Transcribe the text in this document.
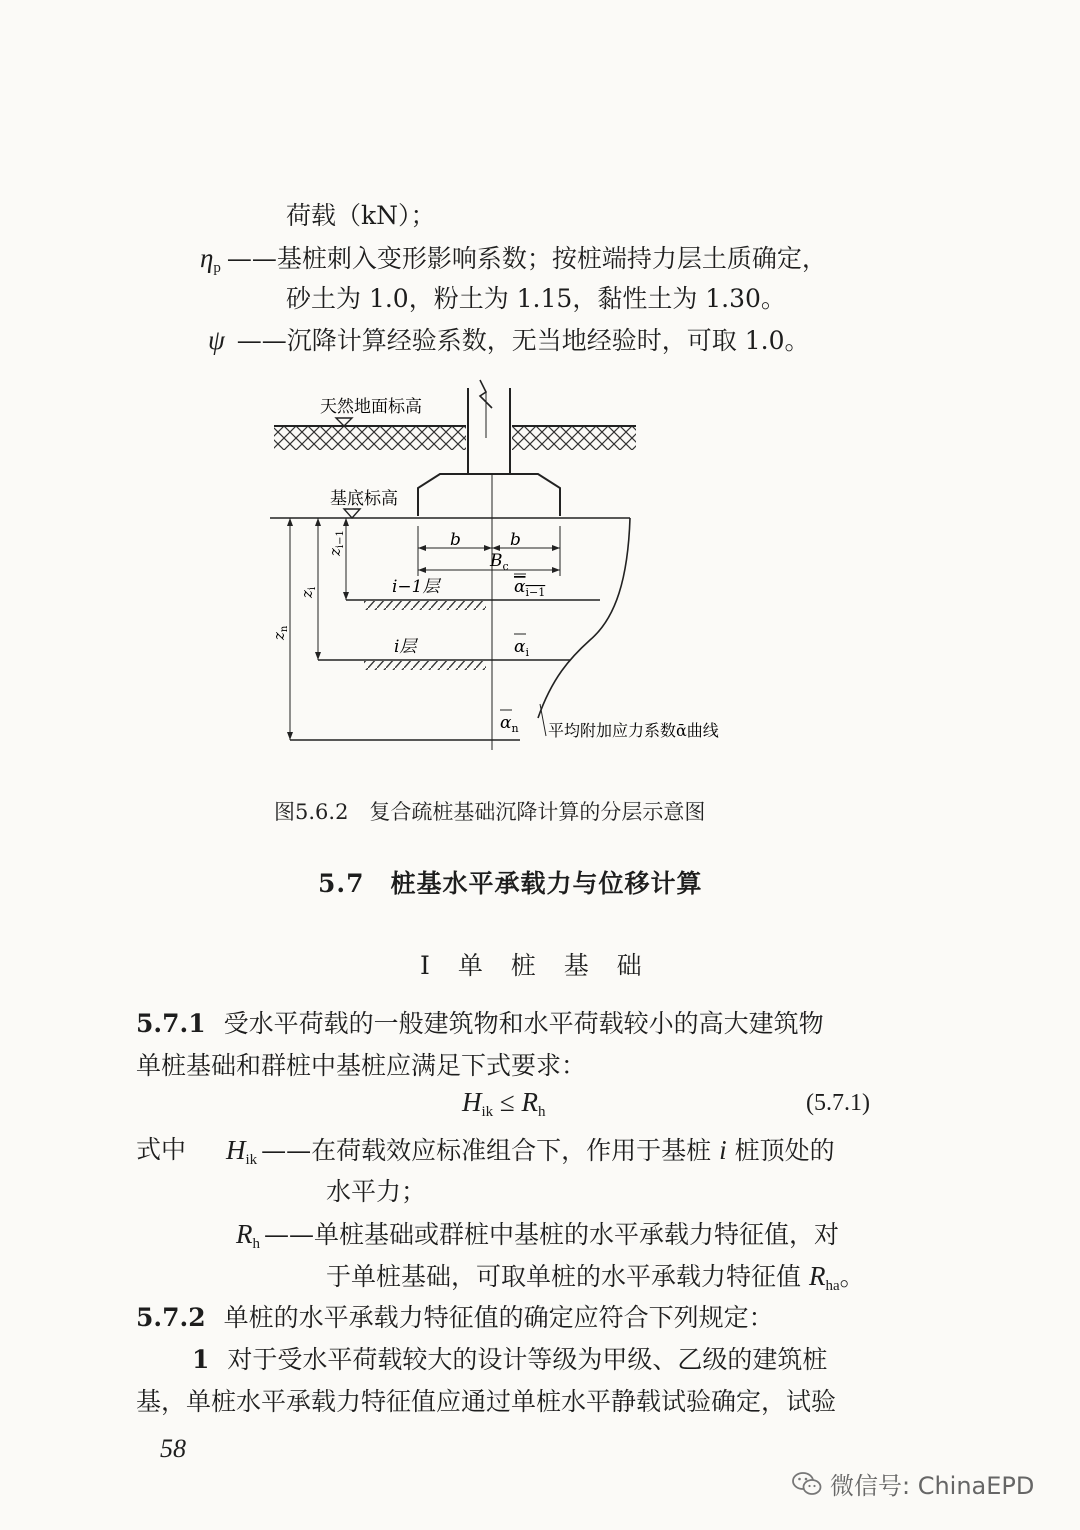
荷载（kN）；
$\eta_p$ ——基桩刺入变形影响系数；按桩端持力层土质确定，
砂土为 1.0，粉土为 1.15，黏性土为 1.30。
ψ ——沉降计算经验系数，无当地经验时，可取 1.0。
天然地面标高
基底标高
b	b
$B_c$
i−1层
i层
$\alpha_{i-1}$
$\alpha_i$
$\alpha_n$
$z_{i-1}$
$z_i$
$z_n$
平均附加应力系数ᾱ曲线
图5.6.2　复合疏桩基础沉降计算的分层示意图
5.7　桩基水平承载力与位移计算
Ⅰ 单 桩 基 础
5.7.1 受水平荷载的一般建筑物和水平荷载较小的高大建筑物
单桩基础和群桩中基桩应满足下式要求：
$H_{ik} \le R_h$	(5.7.1)
式中 $H_{ik}$ ——在荷载效应标准组合下，作用于基桩 i 桩顶处的
水平力；
$R_h$ ——单桩基础或群桩中基桩的水平承载力特征值，对
于单桩基础，可取单桩的水平承载力特征值 $R_{ha}$。
5.7.2 单桩的水平承载力特征值的确定应符合下列规定：
1 对于受水平荷载较大的设计等级为甲级、乙级的建筑桩
基，单桩水平承载力特征值应通过单桩水平静载试验确定，试验
58
微信号: ChinaEPD
